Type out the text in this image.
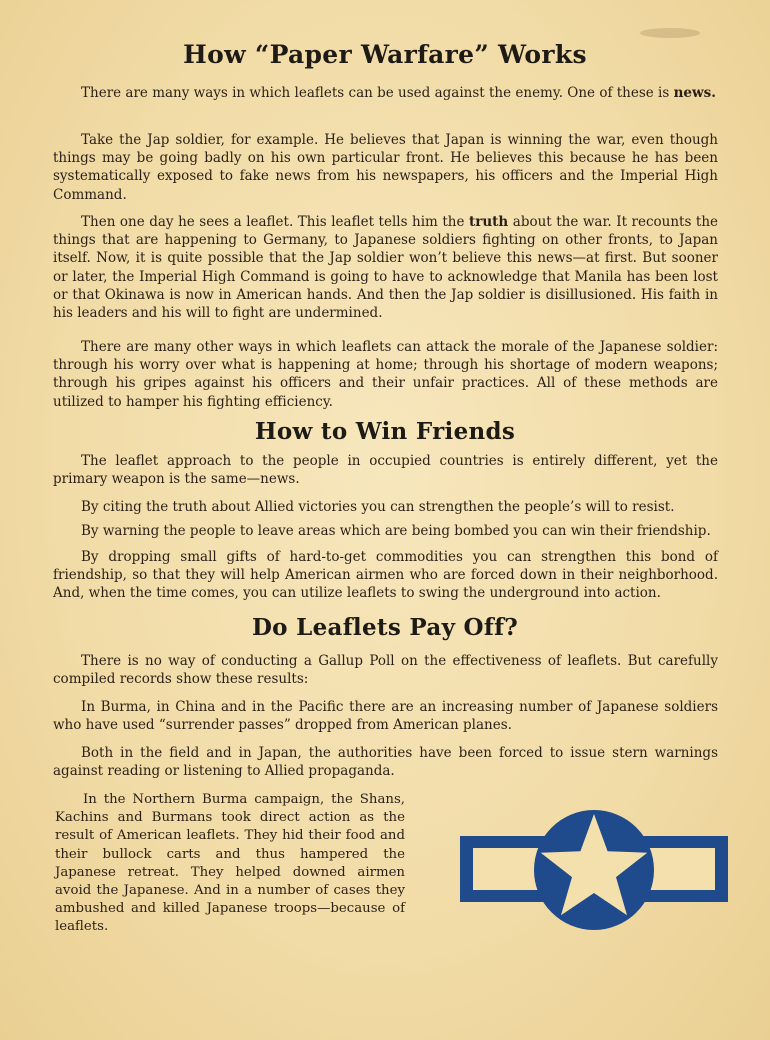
How “Paper Warfare” Works

There are many ways in which leaflets can be used against the enemy. One of these is news.

Take the Jap soldier, for example. He believes that Japan is winning the war, even though things may be going badly on his own particular front. He believes this because he has been systematically exposed to fake news from his newspapers, his officers and the Imperial High Command.

Then one day he sees a leaflet. This leaflet tells him the truth about the war. It recounts the things that are happening to Germany, to Japanese soldiers fighting on other fronts, to Japan itself. Now, it is quite possible that the Jap soldier won’t believe this news—at first. But sooner or later, the Imperial High Command is going to have to acknowledge that Manila has been lost or that Okinawa is now in American hands. And then the Jap soldier is disillusioned. His faith in his leaders and his will to fight are undermined.

There are many other ways in which leaflets can attack the morale of the Japanese soldier: through his worry over what is happening at home; through his shortage of modern weapons; through his gripes against his officers and their unfair practices. All of these methods are utilized to hamper his fighting efficiency.

How to Win Friends

The leaflet approach to the people in occupied countries is entirely different, yet the primary weapon is the same—news.

By citing the truth about Allied victories you can strengthen the people’s will to resist.

By warning the people to leave areas which are being bombed you can win their friendship.

By dropping small gifts of hard-to-get commodities you can strengthen this bond of friendship, so that they will help American airmen who are forced down in their neighborhood. And, when the time comes, you can utilize leaflets to swing the underground into action.

Do Leaflets Pay Off?

There is no way of conducting a Gallup Poll on the effectiveness of leaflets. But carefully compiled records show these results:

In Burma, in China and in the Pacific there are an increasing number of Japanese soldiers who have used “surrender passes” dropped from American planes.

Both in the field and in Japan, the authorities have been forced to issue stern warnings against reading or listening to Allied propaganda.

In the Northern Burma campaign, the Shans, Kachins and Burmans took direct action as the result of American leaflets. They hid their food and their bullock carts and thus hampered the Japanese retreat. They helped downed airmen avoid the Japanese. And in a number of cases they ambushed and killed Japanese troops—because of leaflets.
